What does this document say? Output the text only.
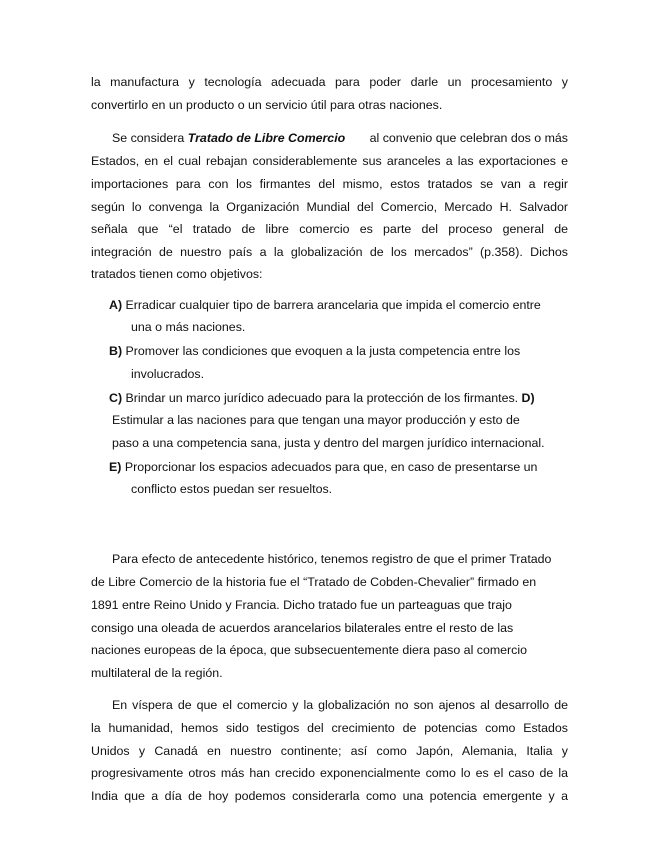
la manufactura y tecnología adecuada para poder darle un procesamiento y
convertirlo en un producto o un servicio útil para otras naciones.
Se considera Tratado de Libre Comercio al convenio que celebran dos o más
Estados, en el cual rebajan considerablemente sus aranceles a las exportaciones e
importaciones para con los firmantes del mismo, estos tratados se van a regir
según lo convenga la Organización Mundial del Comercio, Mercado H. Salvador
señala que “el tratado de libre comercio es parte del proceso general de
integración de nuestro país a la globalización de los mercados” (p.358). Dichos
tratados tienen como objetivos:
A) Erradicar cualquier tipo de barrera arancelaria que impida el comercio entre
una o más naciones.
B) Promover las condiciones que evoquen a la justa competencia entre los
involucrados.
C) Brindar un marco jurídico adecuado para la protección de los firmantes. D)
Estimular a las naciones para que tengan una mayor producción y esto de
paso a una competencia sana, justa y dentro del margen jurídico internacional.
E) Proporcionar los espacios adecuados para que, en caso de presentarse un
conflicto estos puedan ser resueltos.
Para efecto de antecedente histórico, tenemos registro de que el primer Tratado
de Libre Comercio de la historia fue el “Tratado de Cobden-Chevalier” firmado en
1891 entre Reino Unido y Francia. Dicho tratado fue un parteaguas que trajo
consigo una oleada de acuerdos arancelarios bilaterales entre el resto de las
naciones europeas de la época, que subsecuentemente diera paso al comercio
multilateral de la región.
En víspera de que el comercio y la globalización no son ajenos al desarrollo de
la humanidad, hemos sido testigos del crecimiento de potencias como Estados
Unidos y Canadá en nuestro continente; así como Japón, Alemania, Italia y
progresivamente otros más han crecido exponencialmente como lo es el caso de la
India que a día de hoy podemos considerarla como una potencia emergente y a
